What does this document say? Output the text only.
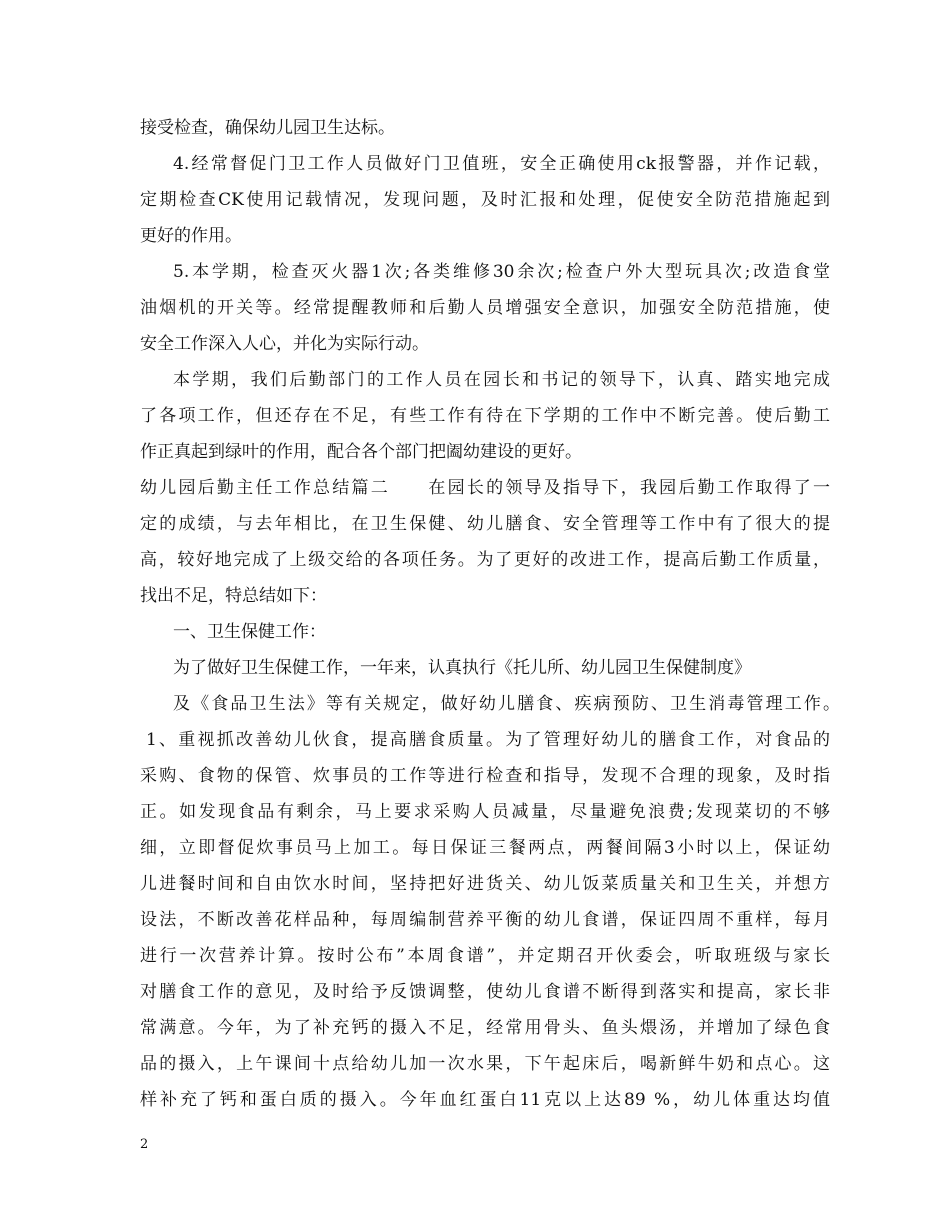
接受检查，确保幼儿园卫生达标。
4.经常督促门卫工作人员做好门卫值班，安全正确使用ck报警器，并作记载，
定期检查CK使用记载情况，发现问题，及时汇报和处理，促使安全防范措施起到
更好的作用。
5.本学期，检查灭火器1次;各类维修30余次;检查户外大型玩具次;改造食堂
油烟机的开关等。经常提醒教师和后勤人员增强安全意识，加强安全防范措施，使
安全工作深入人心，并化为实际行动。
本学期，我们后勤部门的工作人员在园长和书记的领导下，认真、踏实地完成
了各项工作，但还存在不足，有些工作有待在下学期的工作中不断完善。使后勤工
作正真起到绿叶的作用，配合各个部门把阖幼建设的更好。
幼儿园后勤主任工作总结篇二　　在园长的领导及指导下，我园后勤工作取得了一
定的成绩，与去年相比，在卫生保健、幼儿膳食、安全管理等工作中有了很大的提
高，较好地完成了上级交给的各项任务。为了更好的改进工作，提高后勤工作质量，
找出不足，特总结如下：
一、卫生保健工作：
为了做好卫生保健工作，一年来，认真执行《托儿所、幼儿园卫生保健制度》
及《食品卫生法》等有关规定，做好幼儿膳食、疾病预防、卫生消毒管理工作。
1、重视抓改善幼儿伙食，提高膳食质量。为了管理好幼儿的膳食工作，对食品的
采购、食物的保管、炊事员的工作等进行检查和指导，发现不合理的现象，及时指
正。如发现食品有剩余，马上要求采购人员减量，尽量避免浪费;发现菜切的不够
细，立即督促炊事员马上加工。每日保证三餐两点，两餐间隔3小时以上，保证幼
儿进餐时间和自由饮水时间，坚持把好进货关、幼儿饭菜质量关和卫生关，并想方
设法，不断改善花样品种，每周编制营养平衡的幼儿食谱，保证四周不重样，每月
进行一次营养计算。按时公布”本周食谱”，并定期召开伙委会，听取班级与家长
对膳食工作的意见，及时给予反馈调整，使幼儿食谱不断得到落实和提高，家长非
常满意。今年，为了补充钙的摄入不足，经常用骨头、鱼头煨汤，并增加了绿色食
品的摄入，上午课间十点给幼儿加一次水果，下午起床后，喝新鲜牛奶和点心。这
样补充了钙和蛋白质的摄入。今年血红蛋白11克以上达89 %，幼儿体重达均值
2
